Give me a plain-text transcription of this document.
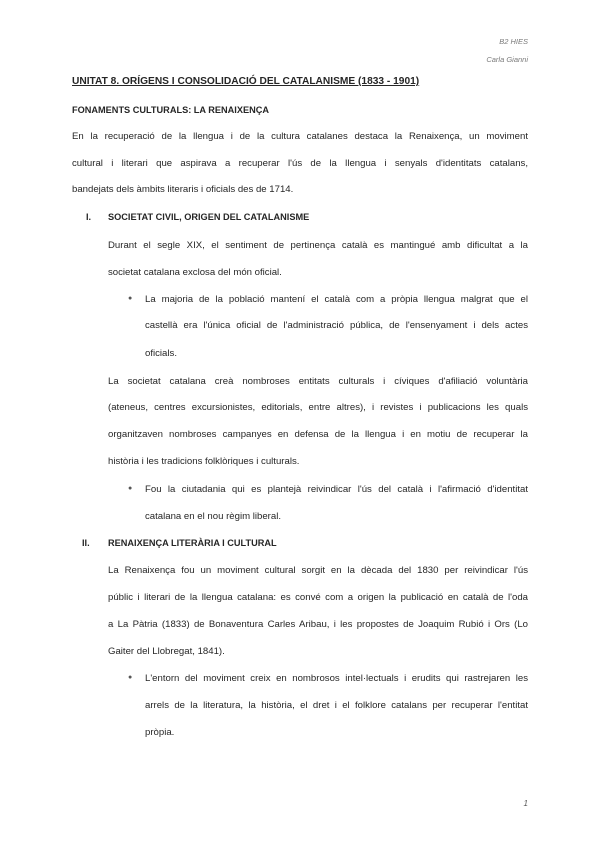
B2 HIES
Carla Gianni
UNITAT 8. ORÍGENS I CONSOLIDACIÓ DEL CATALANISME (1833 - 1901)
FONAMENTS CULTURALS: LA RENAIXENÇA
En la recuperació de la llengua i de la cultura catalanes destaca la Renaixença, un moviment
cultural i literari que aspirava a recuperar l'ús de la llengua i senyals d'identitats catalans,
bandejats dels àmbits literaris i oficials des de 1714.
I. SOCIETAT CIVIL, ORIGEN DEL CATALANISME
Durant el segle XIX, el sentiment de pertinença català es mantingué amb dificultat a la
societat catalana exclosa del món oficial.
● La majoria de la població mantení el català com a pròpia llengua malgrat que el
castellà era l'única oficial de l'administració pública, de l'ensenyament i dels actes
oficials.
La societat catalana creà nombroses entitats culturals i cíviques d'afiliació voluntària
(ateneus, centres excursionistes, editorials, entre altres), i revistes i publicacions les quals
organitzaven nombroses campanyes en defensa de la llengua i en motiu de recuperar la
història i les tradicions folklòriques i culturals.
● Fou la ciutadania qui es plantejà reivindicar l'ús del català i l'afirmació d'identitat
catalana en el nou règim liberal.
II. RENAIXENÇA LITERÀRIA I CULTURAL
La Renaixença fou un moviment cultural sorgit en la dècada del 1830 per reivindicar l'ús
públic i literari de la llengua catalana: es convé com a origen la publicació en català de l'oda
a La Pàtria (1833) de Bonaventura Carles Aribau, i les propostes de Joaquim Rubió i Ors (Lo
Gaiter del Llobregat, 1841).
● L'entorn del moviment creix en nombrosos intel·lectuals i erudits qui rastrejaren les
arrels de la literatura, la història, el dret i el folklore catalans per recuperar l'entitat
pròpia.
1
